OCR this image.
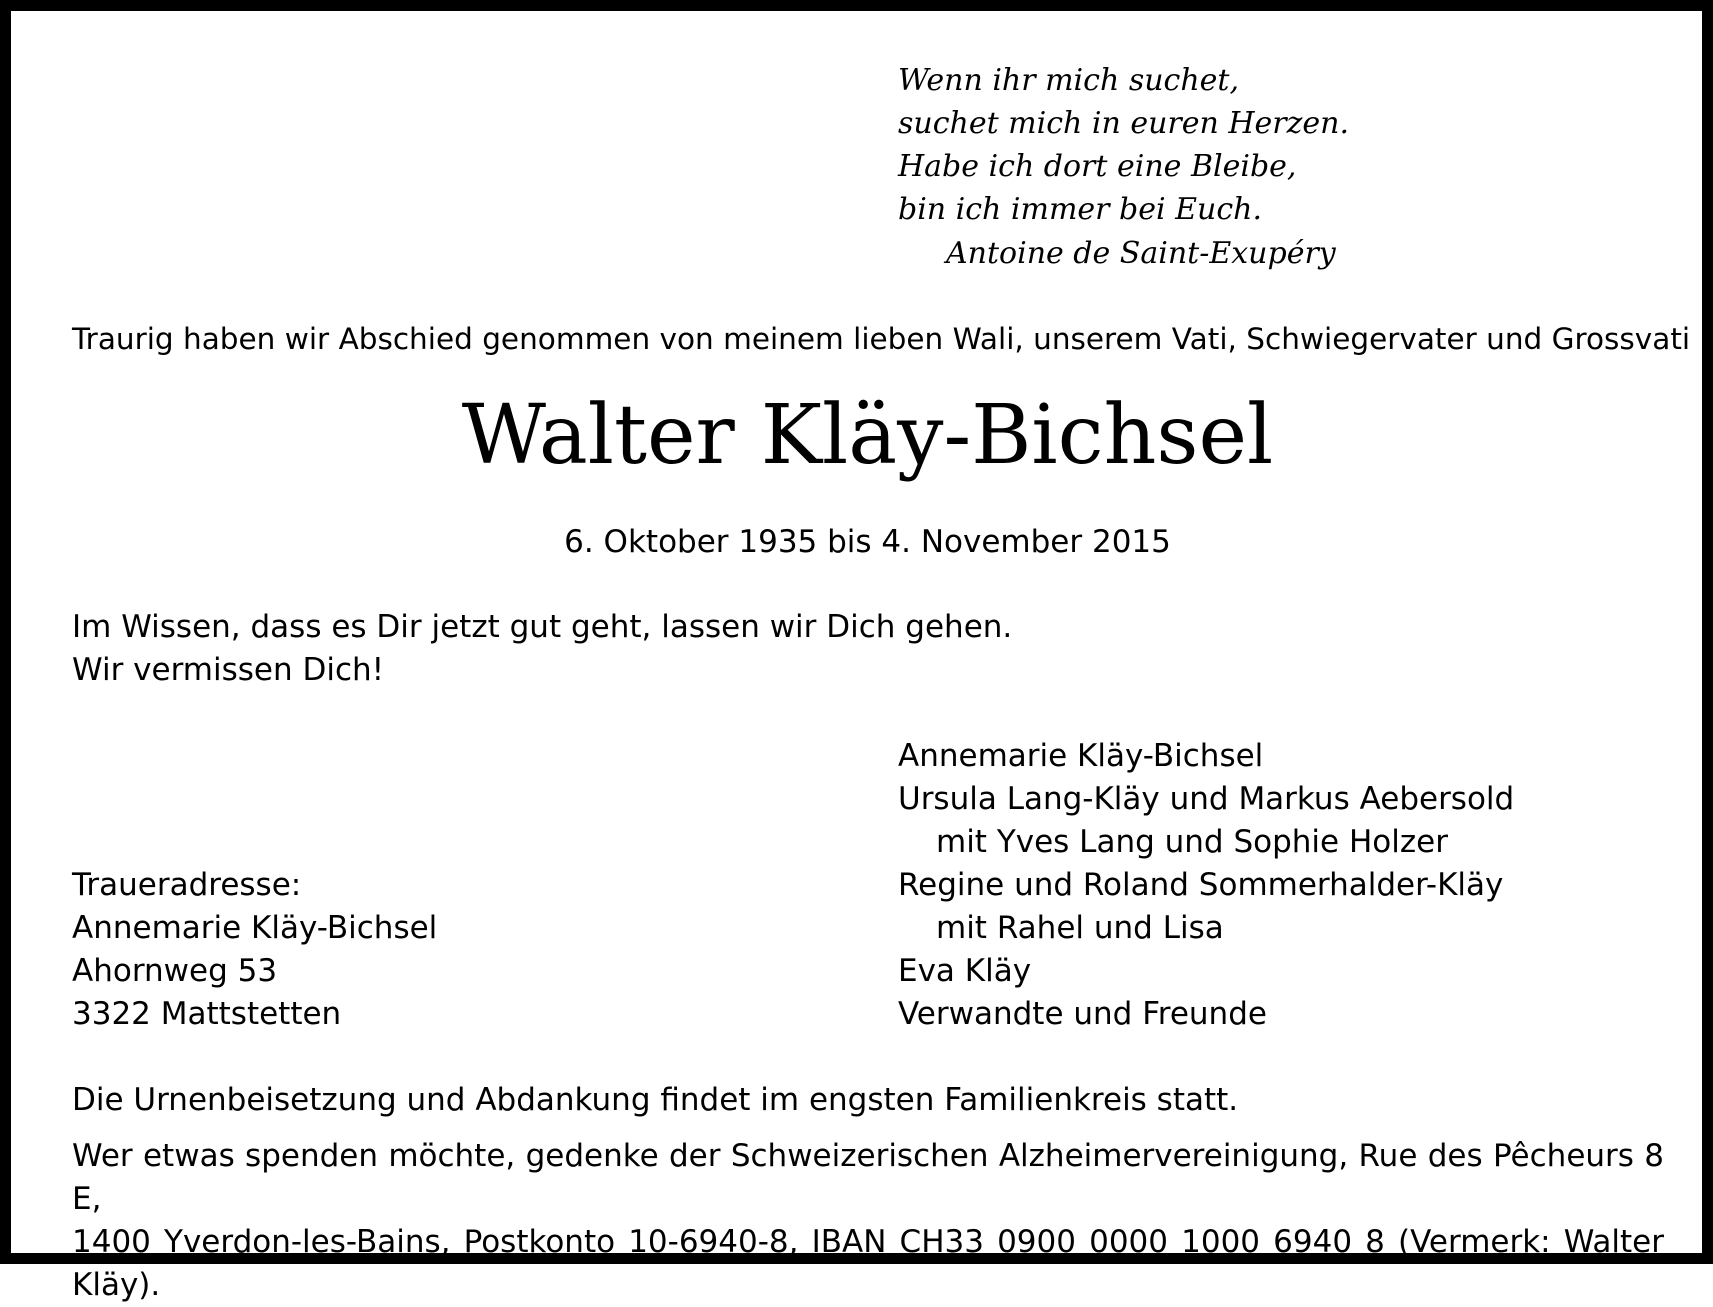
Wenn ihr mich suchet,
suchet mich in euren Herzen.
Habe ich dort eine Bleibe,
bin ich immer bei Euch.
Antoine de Saint-Exupéry
Traurig haben wir Abschied genommen von meinem lieben Wali, unserem Vati, Schwiegervater und Grossvati
Walter Kläy-Bichsel
6. Oktober 1935 bis 4. November 2015
Im Wissen, dass es Dir jetzt gut geht, lassen wir Dich gehen.
Wir vermissen Dich!
Annemarie Kläy-Bichsel
Ursula Lang-Kläy und Markus Aebersold
mit Yves Lang und Sophie Holzer
Regine und Roland Sommerhalder-Kläy
mit Rahel und Lisa
Eva Kläy
Verwandte und Freunde
Traueradresse:
Annemarie Kläy-Bichsel
Ahornweg 53
3322 Mattstetten
Die Urnenbeisetzung und Abdankung findet im engsten Familienkreis statt.
Wer etwas spenden möchte, gedenke der Schweizerischen Alzheimervereinigung, Rue des Pêcheurs 8 E,
1400 Yverdon-les-Bains, Postkonto 10-6940-8, IBAN CH33 0900 0000 1000 6940 8 (Vermerk: Walter Kläy).
